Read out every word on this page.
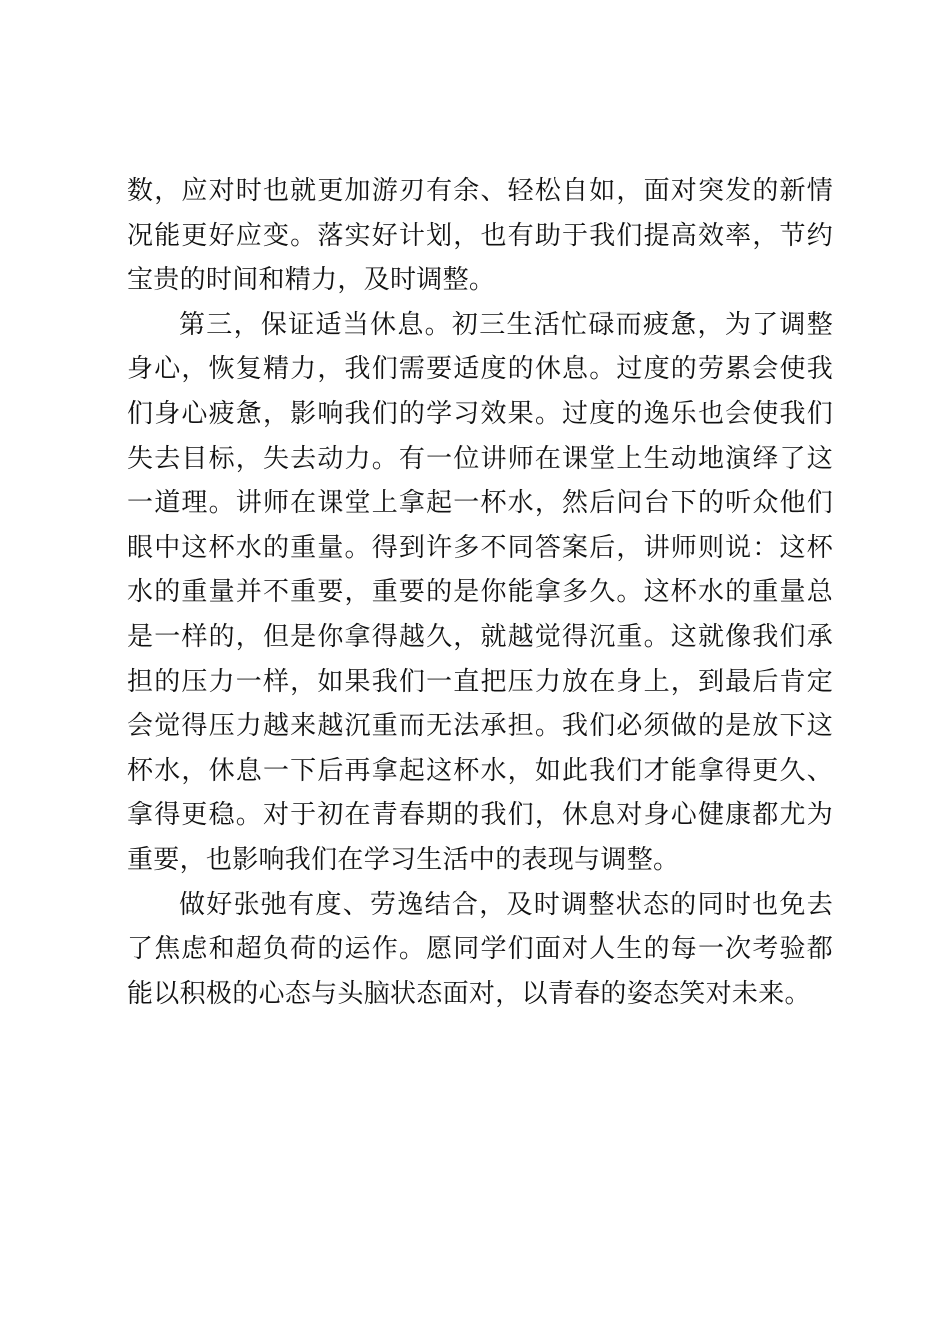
数，应对时也就更加游刃有余、轻松自如，面对突发的新情况能更好应变。落实好计划，也有助于我们提高效率，节约宝贵的时间和精力，及时调整。

第三，保证适当休息。初三生活忙碌而疲惫，为了调整身心，恢复精力，我们需要适度的休息。过度的劳累会使我们身心疲惫，影响我们的学习效果。过度的逸乐也会使我们失去目标，失去动力。有一位讲师在课堂上生动地演绎了这一道理。讲师在课堂上拿起一杯水，然后问台下的听众他们眼中这杯水的重量。得到许多不同答案后，讲师则说：这杯水的重量并不重要，重要的是你能拿多久。这杯水的重量总是一样的，但是你拿得越久，就越觉得沉重。这就像我们承担的压力一样，如果我们一直把压力放在身上，到最后肯定会觉得压力越来越沉重而无法承担。我们必须做的是放下这杯水，休息一下后再拿起这杯水，如此我们才能拿得更久、拿得更稳。对于初在青春期的我们，休息对身心健康都尤为重要，也影响我们在学习生活中的表现与调整。

做好张弛有度、劳逸结合，及时调整状态的同时也免去了焦虑和超负荷的运作。愿同学们面对人生的每一次考验都能以积极的心态与头脑状态面对，以青春的姿态笑对未来。
